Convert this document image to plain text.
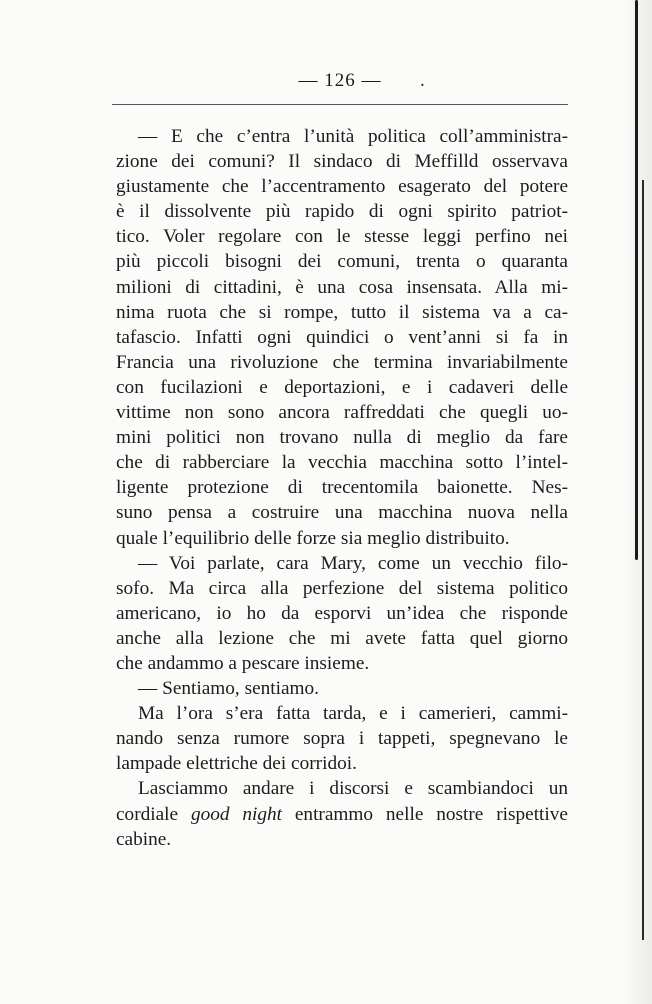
— 126 — .
— E che c’entra l’unità politica coll’amministra-
zione dei comuni? Il sindaco di Meffilld osservava
giustamente che l’accentramento esagerato del potere
è il dissolvente più rapido di ogni spirito patriot-
tico. Voler regolare con le stesse leggi perfino nei
più piccoli bisogni dei comuni, trenta o quaranta
milioni di cittadini, è una cosa insensata. Alla mi-
nima ruota che si rompe, tutto il sistema va a ca-
tafascio. Infatti ogni quindici o vent’anni si fa in
Francia una rivoluzione che termina invariabilmente
con fucilazioni e deportazioni, e i cadaveri delle
vittime non sono ancora raffreddati che quegli uo-
mini politici non trovano nulla di meglio da fare
che di rabberciare la vecchia macchina sotto l’intel-
ligente protezione di trecentomila baionette. Nes-
suno pensa a costruire una macchina nuova nella
quale l’equilibrio delle forze sia meglio distribuito.
— Voi parlate, cara Mary, come un vecchio filo-
sofo. Ma circa alla perfezione del sistema politico
americano, io ho da esporvi un’idea che risponde
anche alla lezione che mi avete fatta quel giorno
che andammo a pescare insieme.
— Sentiamo, sentiamo.
Ma l’ora s’era fatta tarda, e i camerieri, cammi-
nando senza rumore sopra i tappeti, spegnevano le
lampade elettriche dei corridoi.
Lasciammo andare i discorsi e scambiandoci un
cordiale good night entrammo nelle nostre rispettive
cabine.
